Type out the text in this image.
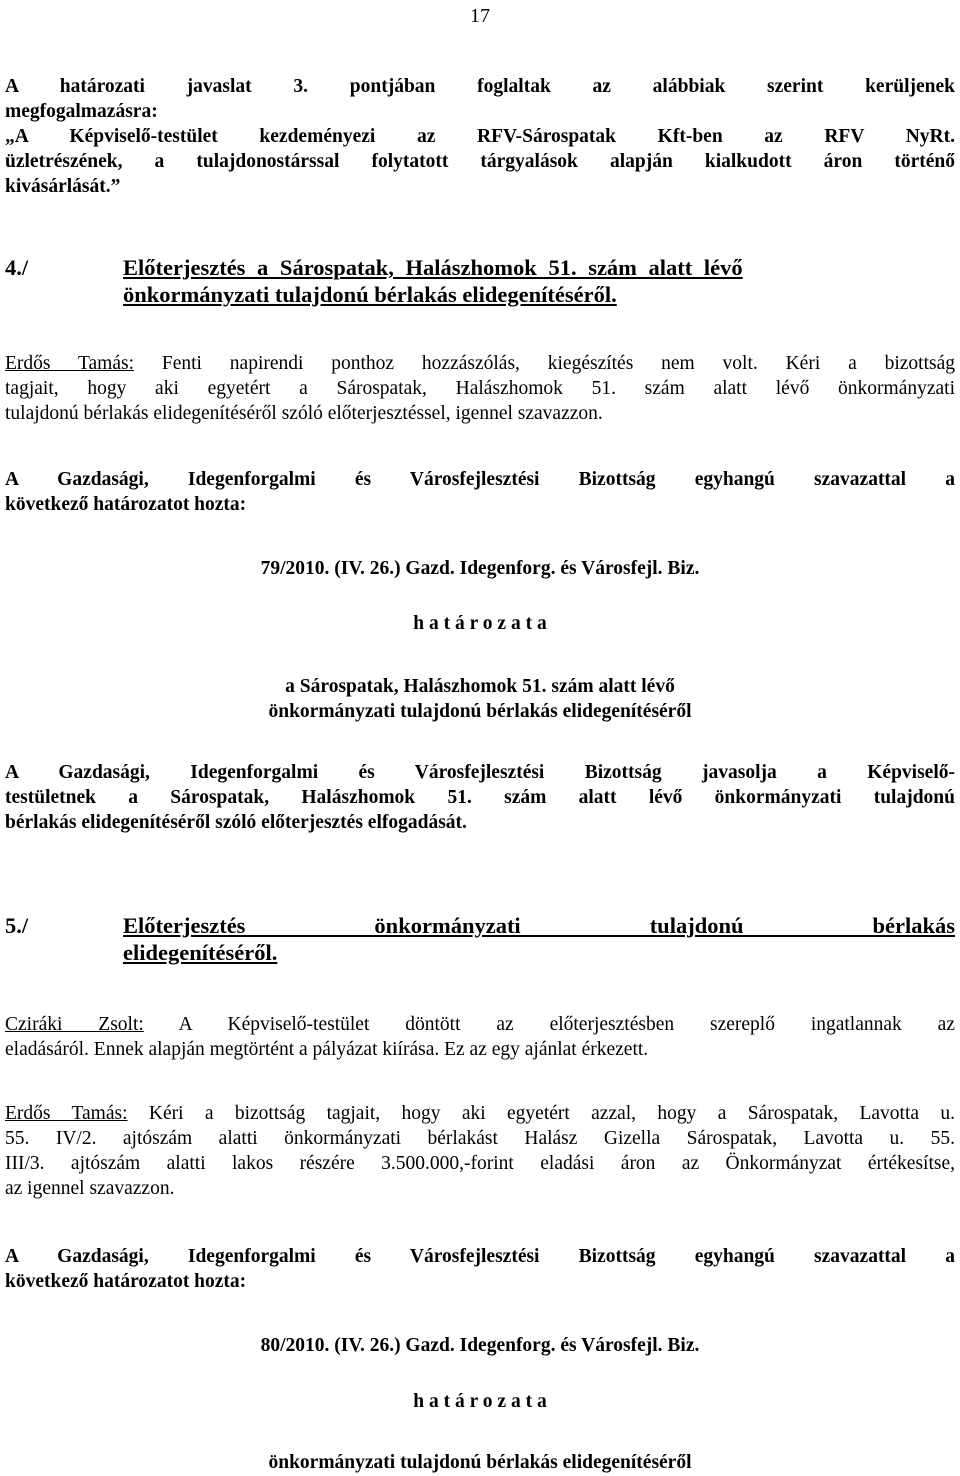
17
A határozati javaslat 3. pontjában foglaltak az alábbiak szerint kerüljenek
megfogalmazásra:
„A Képviselő-testület kezdeményezi az RFV-Sárospatak Kft-ben az RFV NyRt.
üzletrészének, a tulajdonostárssal folytatott tárgyalások alapján kialkudott áron történő
kivásárlását.”
4./	Előterjesztés a Sárospatak, Halászhomok 51. szám alatt lévő
önkormányzati tulajdonú bérlakás elidegenítéséről.
Erdős Tamás: Fenti napirendi ponthoz hozzászólás, kiegészítés nem volt. Kéri a bizottság
tagjait, hogy aki egyetért a Sárospatak, Halászhomok 51. szám alatt lévő önkormányzati
tulajdonú bérlakás elidegenítéséről szóló előterjesztéssel, igennel szavazzon.
A Gazdasági, Idegenforgalmi és Városfejlesztési Bizottság egyhangú szavazattal a
következő határozatot hozta:
79/2010. (IV. 26.) Gazd. Idegenforg. és Városfejl. Biz.
h a t á r o z a t a
a Sárospatak, Halászhomok 51. szám alatt lévő
önkormányzati tulajdonú bérlakás elidegenítéséről
A Gazdasági, Idegenforgalmi és Városfejlesztési Bizottság javasolja a Képviselő-
testületnek a Sárospatak, Halászhomok 51. szám alatt lévő önkormányzati tulajdonú
bérlakás elidegenítéséről szóló előterjesztés elfogadását.
5./	Előterjesztés önkormányzati tulajdonú bérlakás
elidegenítéséről.
Cziráki Zsolt: A Képviselő-testület döntött az előterjesztésben szereplő ingatlannak az
eladásáról. Ennek alapján megtörtént a pályázat kiírása. Ez az egy ajánlat érkezett.
Erdős Tamás: Kéri a bizottság tagjait, hogy aki egyetért azzal, hogy a Sárospatak, Lavotta u.
55. IV/2. ajtószám alatti önkormányzati bérlakást Halász Gizella Sárospatak, Lavotta u. 55.
III/3. ajtószám alatti lakos részére 3.500.000,-forint eladási áron az Önkormányzat értékesítse,
az igennel szavazzon.
A Gazdasági, Idegenforgalmi és Városfejlesztési Bizottság egyhangú szavazattal a
következő határozatot hozta:
80/2010. (IV. 26.) Gazd. Idegenforg. és Városfejl. Biz.
h a t á r o z a t a
önkormányzati tulajdonú bérlakás elidegenítéséről
